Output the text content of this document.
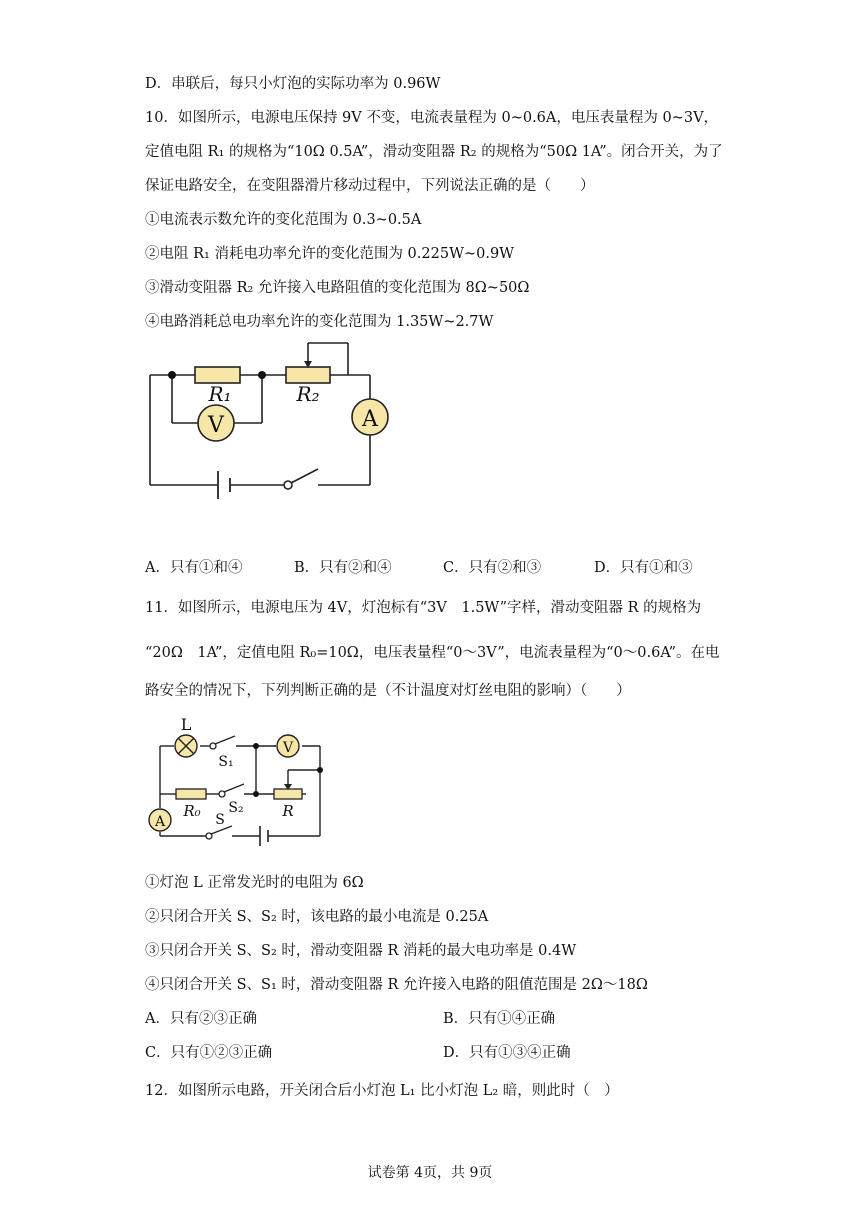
D．串联后，每只小灯泡的实际功率为 0.96W
10．如图所示，电源电压保持 9V 不变，电流表量程为 0~0.6A，电压表量程为 0~3V，
定值电阻 R₁ 的规格为“10Ω 0.5A”，滑动变阻器 R₂ 的规格为“50Ω 1A”。闭合开关，为了
保证电路安全，在变阻器滑片移动过程中，下列说法正确的是（　　）
①电流表示数允许的变化范围为 0.3~0.5A
②电阻 R₁ 消耗电功率允许的变化范围为 0.225W~0.9W
③滑动变阻器 R₂ 允许接入电路阻值的变化范围为 8Ω~50Ω
④电路消耗总电功率允许的变化范围为 1.35W~2.7W
V	A
R₁	R₂
A．只有①和④	B．只有②和④	C．只有②和③	D．只有①和③
11．如图所示，电源电压为 4V，灯泡标有“3V　1.5W”字样，滑动变阻器 R 的规格为
“20Ω　1A”，定值电阻 R₀=10Ω，电压表量程“0～3V”，电流表量程为“0～0.6A”。在电
路安全的情况下，下列判断正确的是（不计温度对灯丝电阻的影响）（　　）
L
S₁
V
R₀ S₂	R
A	S
①灯泡 L 正常发光时的电阻为 6Ω
②只闭合开关 S、S₂ 时，该电路的最小电流是 0.25A
③只闭合开关 S、S₂ 时，滑动变阻器 R 消耗的最大电功率是 0.4W
④只闭合开关 S、S₁ 时，滑动变阻器 R 允许接入电路的阻值范围是 2Ω～18Ω
A．只有②③正确	B．只有①④正确
C．只有①②③正确	D．只有①③④正确
12．如图所示电路，开关闭合后小灯泡 L₁ 比小灯泡 L₂ 暗，则此时（　）
试卷第 4页，共 9页
